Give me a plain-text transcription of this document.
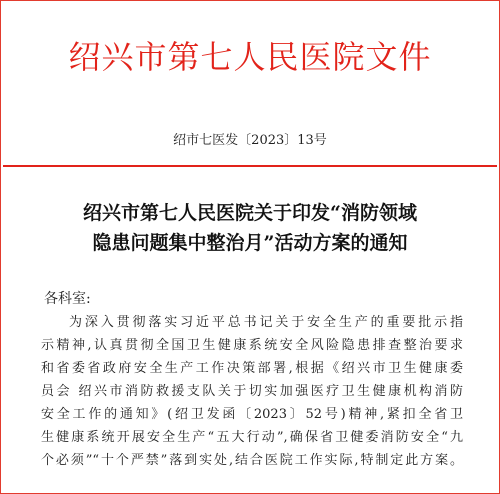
绍兴市第七人民医院文件
绍市七医发〔2023〕13号
绍兴市第七人民医院关于印发“消防领域
隐患问题集中整治月”活动方案的通知
各科室:
为深入贯彻落实习近平总书记关于安全生产的重要批示指
示精神,认真贯彻全国卫生健康系统安全风险隐患排查整治要求
和省委省政府安全生产工作决策部署,根据《绍兴市卫生健康委
员会 绍兴市消防救援支队关于切实加强医疗卫生健康机构消防
安全工作的通知》(绍卫发函〔2023〕52号)精神,紧扣全省卫
生健康系统开展安全生产“五大行动”,确保省卫健委消防安全“九
个必须”“十个严禁”落到实处,结合医院工作实际,特制定此方案。
